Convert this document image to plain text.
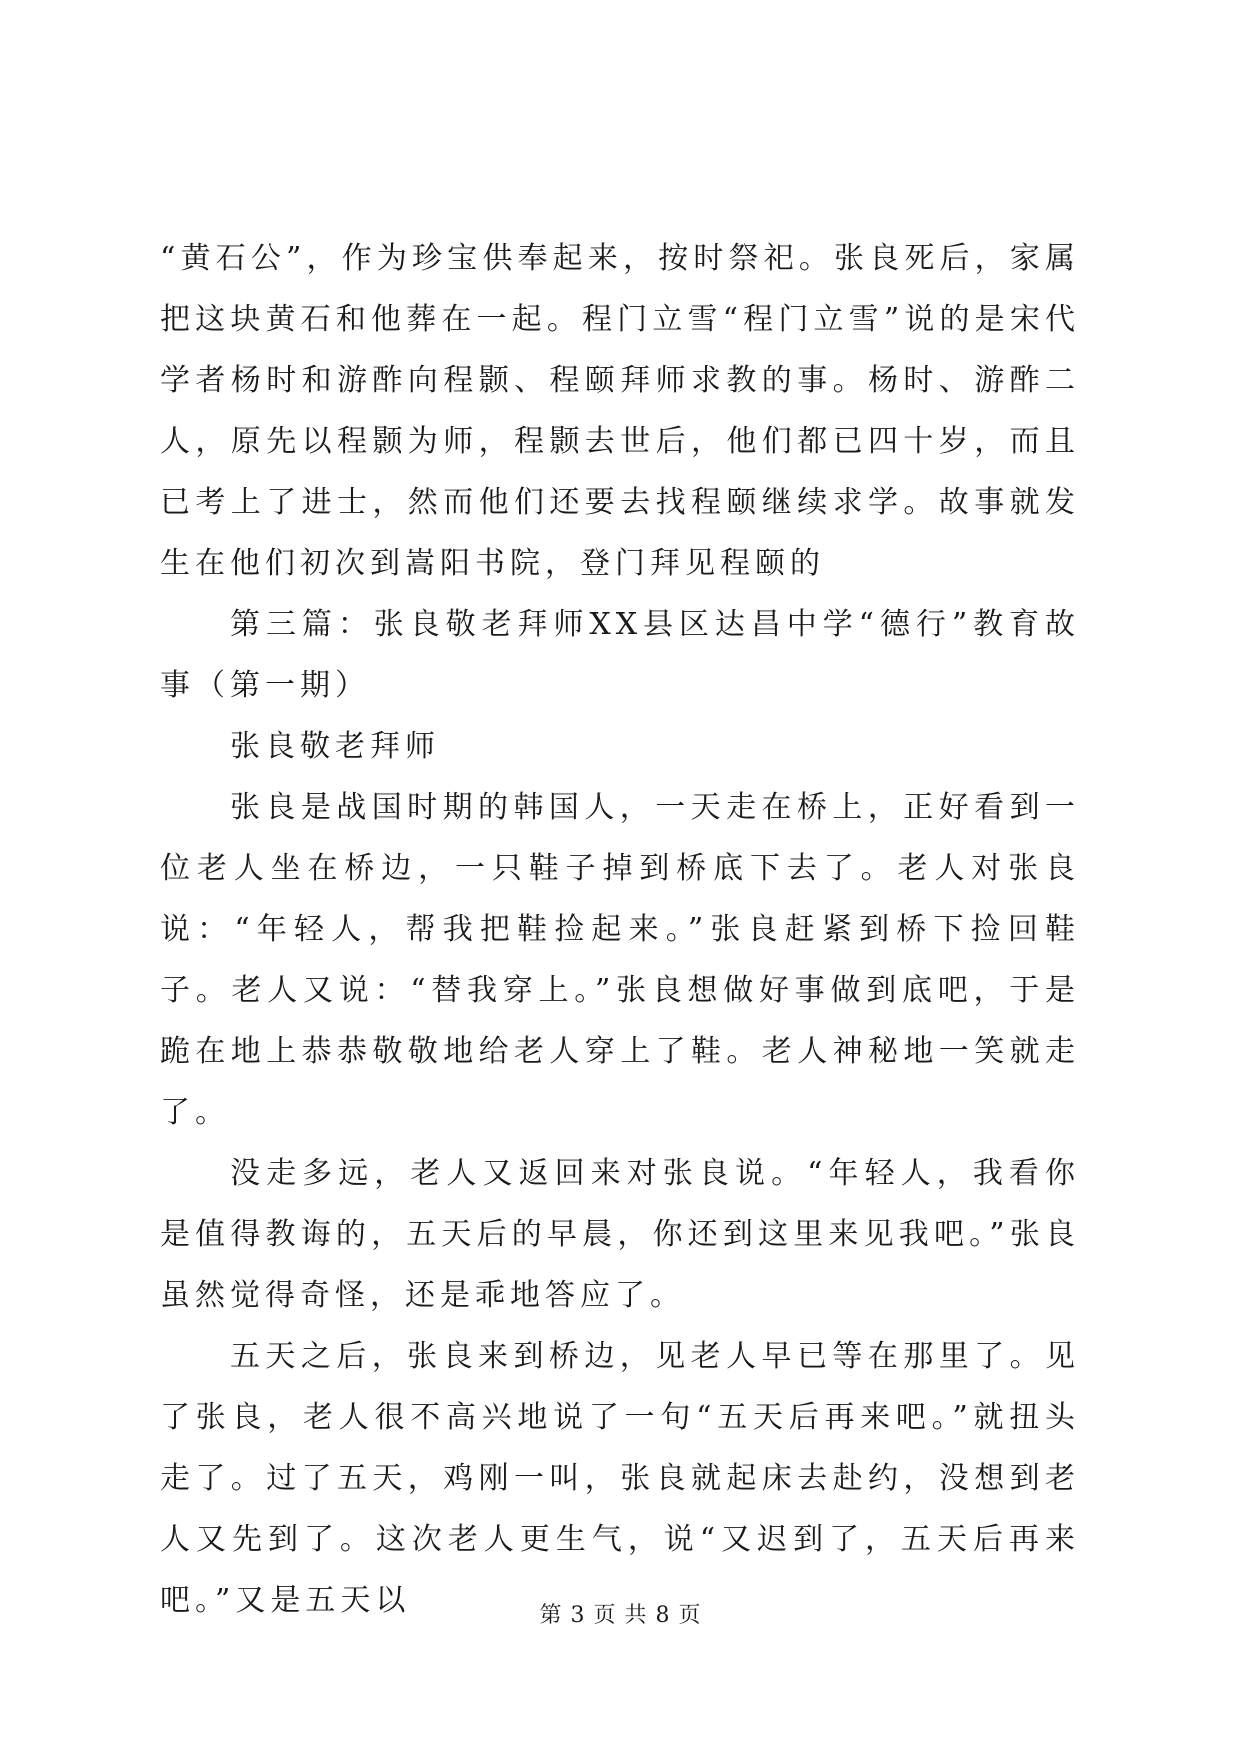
“黄石公”，作为珍宝供奉起来，按时祭祀。张良死后，家属把这块黄石和他葬在一起。程门立雪“程门立雪”说的是宋代学者杨时和游酢向程颢、程颐拜师求教的事。杨时、游酢二人，原先以程颢为师，程颢去世后，他们都已四十岁，而且已考上了进士，然而他们还要去找程颐继续求学。故事就发生在他们初次到嵩阳书院，登门拜见程颐的

第三篇：张良敬老拜师XX县区达昌中学“德行”教育故事（第一期）

张良敬老拜师

张良是战国时期的韩国人，一天走在桥上，正好看到一位老人坐在桥边，一只鞋子掉到桥底下去了。老人对张良说：“年轻人，帮我把鞋捡起来。”张良赶紧到桥下捡回鞋子。老人又说：“替我穿上。”张良想做好事做到底吧，于是跪在地上恭恭敬敬地给老人穿上了鞋。老人神秘地一笑就走了。

没走多远，老人又返回来对张良说。“年轻人，我看你是值得教诲的，五天后的早晨，你还到这里来见我吧。”张良虽然觉得奇怪，还是乖地答应了。

五天之后，张良来到桥边，见老人早已等在那里了。见了张良，老人很不高兴地说了一句“五天后再来吧。”就扭头走了。过了五天，鸡刚一叫，张良就起床去赴约，没想到老人又先到了。这次老人更生气，说“又迟到了，五天后再来吧。”又是五天以	第 3 页 共 8 页
